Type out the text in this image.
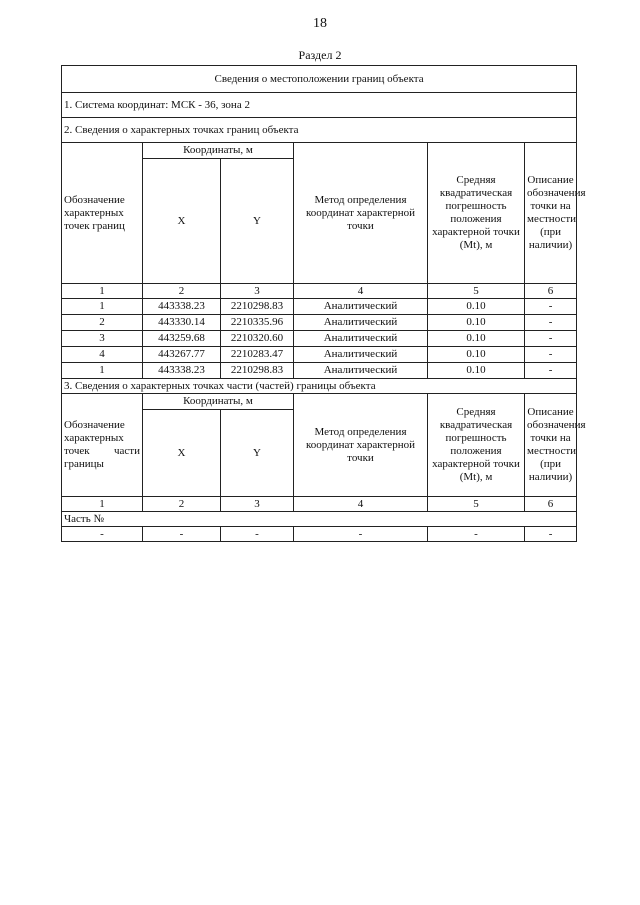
18
Раздел 2
Сведения о местоположении границ объекта					
1. Система координат: МСК - 36, зона 2					
2. Сведения о характерных точках границ объекта					
Обозначение характерных точек границ	Координаты, м		Метод определения координат характерной точки	Средняя квадратическая погрешность положения характерной точки (Mt), м	Описание обозначения точки на местности (при наличии)
	X	Y			
1	2	3	4	5	6
1	443338.23	2210298.83	Аналитический	0.10	-
2	443330.14	2210335.96	Аналитический	0.10	-
3	443259.68	2210320.60	Аналитический	0.10	-
4	443267.77	2210283.47	Аналитический	0.10	-
1	443338.23	2210298.83	Аналитический	0.10	-
3. Сведения о характерных точках части (частей) границы объекта					
Обозначение характерных точек части границы	Координаты, м		Метод определения координат характерной точки	Средняя квадратическая погрешность положения характерной точки (Mt), м	Описание обозначения точки на местности (при наличии)
	X	Y			
1	2	3	4	5	6
Часть №					
-	-	-	-	-	-
